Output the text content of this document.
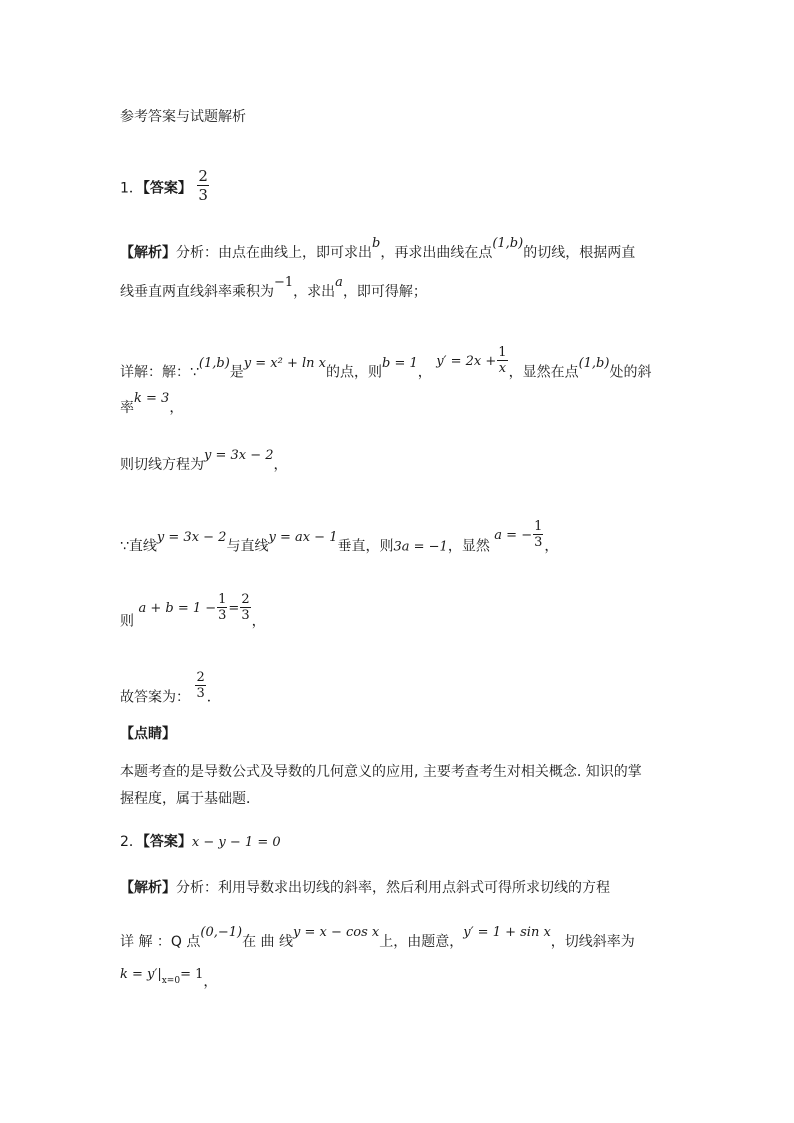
参考答案与试题解析
1．【答案】 $\frac{2}{3}$
【解析】分析：由点在曲线上，即可求出b，再求出曲线在点(1,b)的切线，根据两直
线垂直两直线斜率乘积为−1，求出a，即可得解；
详解：解：∵(1,b)是y = x² + ln x的点，则b = 1， $y' = 2x + \frac{1}{x}$ ，显然在点(1,b)处的斜
率k = 3，
则切线方程为y = 3x − 2，
∵直线y = 3x − 2与直线y = ax − 1垂直，则3a = −1，显然 a = − $\frac{1}{3}$ ，
则 $a + b = 1 - \frac{1}{3} = \frac{2}{3}$ ，
故答案为： $\frac{2}{3}$ ．
【点睛】
本题考查的是导数公式及导数的几何意义的应用, 主要考查考生对相关概念. 知识的掌
握程度，属于基础题．
2．【答案】x − y − 1 = 0
【解析】分析：利用导数求出切线的斜率，然后利用点斜式可得所求切线的方程
详 解 ：Q 点(0,−1)在 曲 线y = x − cos x上，由题意，y′ = 1 + sin x，切线斜率为
$k = y'|_{x=0}= 1$，
